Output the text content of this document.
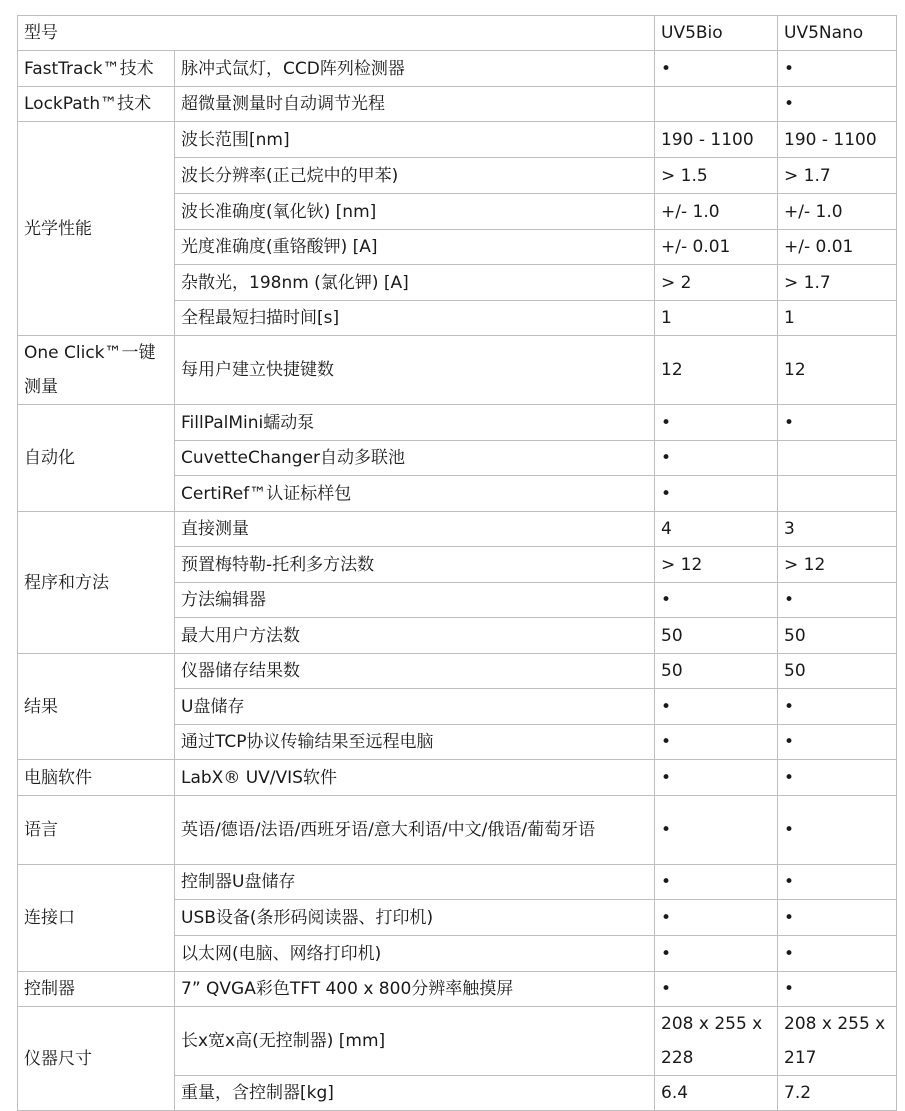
型号		UV5Bio	UV5Nano
FastTrack™技术	脉冲式氙灯，CCD阵列检测器	•	•
LockPath™技术	超微量测量时自动调节光程		•
光学性能	波长范围[nm]	190 - 1100	190 - 1100
	波长分辨率(正己烷中的甲苯)	> 1.5	> 1.7
	波长准确度(氧化钬) [nm]	+/- 1.0	+/- 1.0
	光度准确度(重铬酸钾) [A]	+/- 0.01	+/- 0.01
	杂散光，198nm (氯化钾) [A]	> 2	> 1.7
	全程最短扫描时间[s]	1	1
One Click™一键测量	每用户建立快捷键数	12	12
自动化	FillPalMini蠕动泵	•	•
	CuvetteChanger自动多联池	•	
	CertiRef™认证标样包	•	
程序和方法	直接测量	4	3
	预置梅特勒-托利多方法数	> 12	> 12
	方法编辑器	•	•
	最大用户方法数	50	50
结果	仪器储存结果数	50	50
	U盘储存	•	•
	通过TCP协议传输结果至远程电脑	•	•
电脑软件	LabX® UV/VIS软件	•	•
语言	英语/德语/法语/西班牙语/意大利语/中文/俄语/葡萄牙语	•	•
连接口	控制器U盘储存	•	•
	USB设备(条形码阅读器、打印机)	•	•
	以太网(电脑、网络打印机)	•	•
控制器	7” QVGA彩色TFT 400 x 800分辨率触摸屏	•	•
仪器尺寸	长x宽x高(无控制器) [mm]	208 x 255 x 228	208 x 255 x 217
	重量，含控制器[kg]	6.4	7.2
